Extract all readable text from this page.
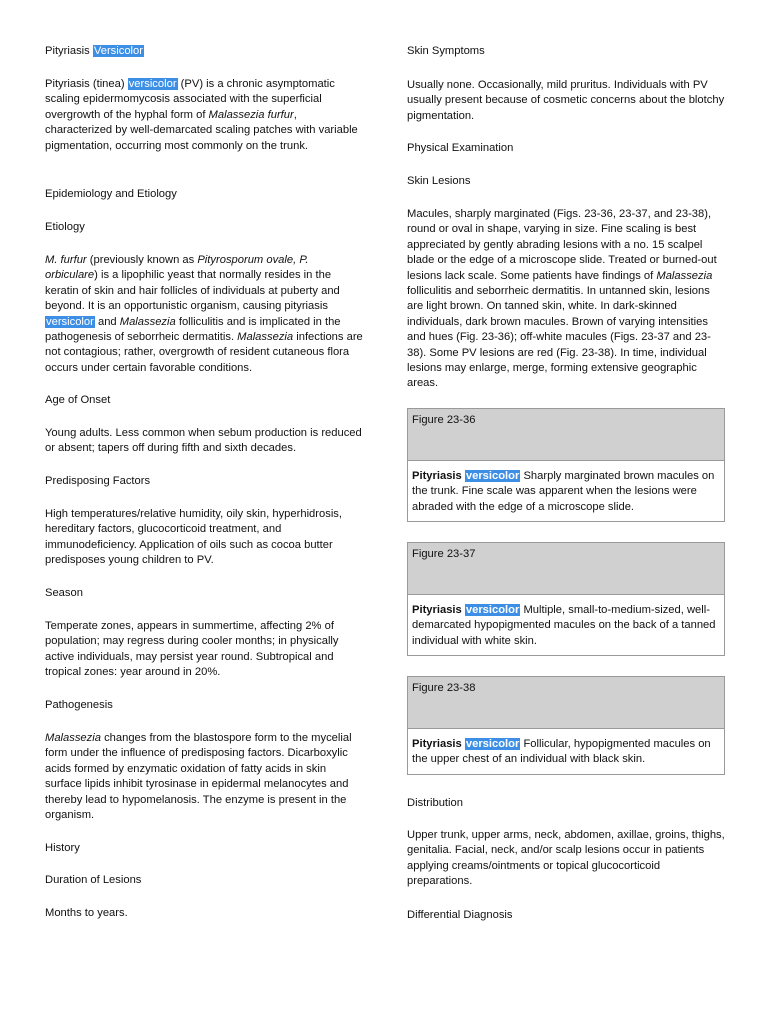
Pityriasis Versicolor

Pityriasis (tinea) versicolor (PV) is a chronic asymptomatic scaling epidermomycosis associated with the superficial overgrowth of the hyphal form of Malassezia furfur, characterized by well-demarcated scaling patches with variable pigmentation, occurring most commonly on the trunk.

Epidemiology and Etiology

Etiology

M. furfur (previously known as Pityrosporum ovale, P. orbiculare) is a lipophilic yeast that normally resides in the keratin of skin and hair follicles of individuals at puberty and beyond. It is an opportunistic organism, causing pityriasis versicolor and Malassezia folliculitis and is implicated in the pathogenesis of seborrheic dermatitis. Malassezia infections are not contagious; rather, overgrowth of resident cutaneous flora occurs under certain favorable conditions.

Age of Onset

Young adults. Less common when sebum production is reduced or absent; tapers off during fifth and sixth decades.

Predisposing Factors

High temperatures/relative humidity, oily skin, hyperhidrosis, hereditary factors, glucocorticoid treatment, and immunodeficiency. Application of oils such as cocoa butter predisposes young children to PV.

Season

Temperate zones, appears in summertime, affecting 2% of population; may regress during cooler months; in physically active individuals, may persist year round. Subtropical and tropical zones: year around in 20%.

Pathogenesis

Malassezia changes from the blastospore form to the mycelial form under the influence of predisposing factors. Dicarboxylic acids formed by enzymatic oxidation of fatty acids in skin surface lipids inhibit tyrosinase in epidermal melanocytes and thereby lead to hypomelanosis. The enzyme is present in the organism.

History

Duration of Lesions

Months to years.

Skin Symptoms

Usually none. Occasionally, mild pruritus. Individuals with PV usually present because of cosmetic concerns about the blotchy pigmentation.

Physical Examination

Skin Lesions

Macules, sharply marginated (Figs. 23-36, 23-37, and 23-38), round or oval in shape, varying in size. Fine scaling is best appreciated by gently abrading lesions with a no. 15 scalpel blade or the edge of a microscope slide. Treated or burned-out lesions lack scale. Some patients have findings of Malassezia folliculitis and seborrheic dermatitis. In untanned skin, lesions are light brown. On tanned skin, white. In dark-skinned individuals, dark brown macules. Brown of varying intensities and hues (Fig. 23-36); off-white macules (Figs. 23-37 and 23-38). Some PV lesions are red (Fig. 23-38). In time, individual lesions may enlarge, merge, forming extensive geographic areas.

Figure 23-36
Pityriasis versicolor Sharply marginated brown macules on the trunk. Fine scale was apparent when the lesions were abraded with the edge of a microscope slide.
Figure 23-37
Pityriasis versicolor Multiple, small-to-medium-sized, well-demarcated hypopigmented macules on the back of a tanned individual with white skin.
Figure 23-38
Pityriasis versicolor Follicular, hypopigmented macules on the upper chest of an individual with black skin.

Distribution

Upper trunk, upper arms, neck, abdomen, axillae, groins, thighs, genitalia. Facial, neck, and/or scalp lesions occur in patients applying creams/ointments or topical glucocorticoid preparations.

Differential Diagnosis
